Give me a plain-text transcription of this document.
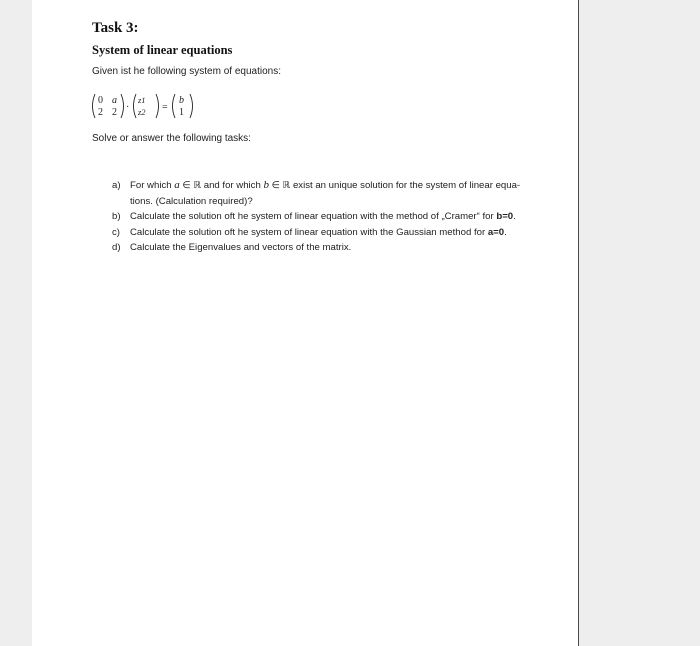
Task 3:
System of linear equations
Given ist he following system of equations:
0 a
2 2 ·
z1
z2 =
b
1
Solve or answer the following tasks:
a) For which a ∈ ℝ and for which b ∈ ℝ exist an unique solution for the system of linear equa-
tions. (Calculation required)?
b) Calculate the solution oft he system of linear equation with the method of „Cramer“ for b=0.
c)	Calculate the solution oft he system of linear equation with the Gaussian method for a=0.
d) Calculate the Eigenvalues and vectors of the matrix.
